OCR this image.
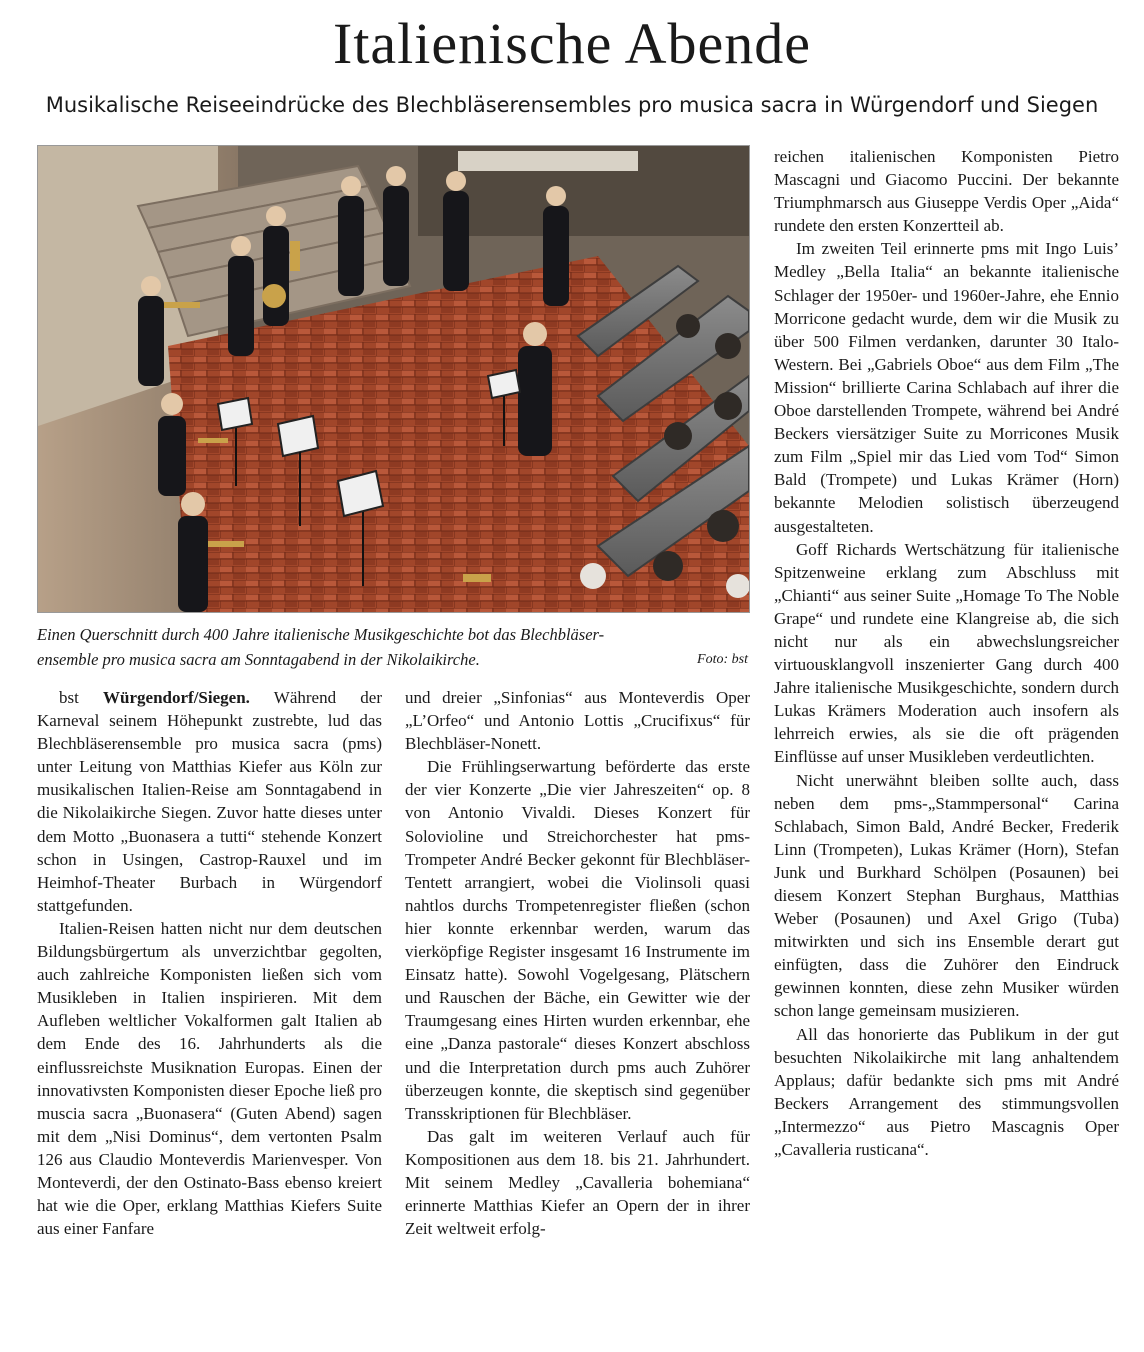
Italienische Abende
Musikalische Reiseeindrücke des Blechbläserensembles pro musica sacra in Würgendorf und Siegen
Einen Querschnitt durch 400 Jahre italienische Musikgeschichte bot das Blechbläser-
ensemble pro musica sacra am Sonntagabend in der Nikolaikirche.	Foto: bst

bst Würgendorf/Siegen. Während der Karneval seinem Höhepunkt zustrebte, lud das Blechbläserensemble pro musica sacra (pms) unter Leitung von Matthias Kiefer aus Köln zur musikalischen Italien-Reise am Sonntagabend in die Nikolaikirche Siegen. Zuvor hatte dieses unter dem Motto „Buonasera a tutti“ stehende Konzert schon in Usingen, Castrop-Rauxel und im Heimhof-Theater Burbach in Würgendorf stattgefunden.

Italien-Reisen hatten nicht nur dem deutschen Bildungsbürgertum als unverzichtbar gegolten, auch zahlreiche Komponisten ließen sich vom Musikleben in Italien inspirieren. Mit dem Aufleben weltlicher Vokalformen galt Italien ab dem Ende des 16. Jahrhunderts als die einflussreichste Musiknation Europas. Einen der innovativsten Komponisten dieser Epoche ließ pro muscia sacra „Buonasera“ (Guten Abend) sagen mit dem „Nisi Dominus“, dem vertonten Psalm 126 aus Claudio Monteverdis Marienvesper. Von Monteverdi, der den Ostinato-Bass ebenso kreiert hat wie die Oper, erklang Matthias Kiefers Suite aus einer Fanfare

und dreier „Sinfonias“ aus Monteverdis Oper „L’Orfeo“ und Antonio Lottis „Crucifixus“ für Blechbläser-Nonett.

Die Frühlingserwartung beförderte das erste der vier Konzerte „Die vier Jahreszeiten“ op. 8 von Antonio Vivaldi. Dieses Konzert für Solovioline und Streichorchester hat pms-Trompeter André Becker gekonnt für Blechbläser-Tentett arrangiert, wobei die Violinsoli quasi nahtlos durchs Trompetenregister fließen (schon hier konnte erkennbar werden, warum das vierköpfige Register insgesamt 16 Instrumente im Einsatz hatte). Sowohl Vogelgesang, Plätschern und Rauschen der Bäche, ein Gewitter wie der Traumgesang eines Hirten wurden erkennbar, ehe eine „Danza pastorale“ dieses Konzert abschloss und die Interpretation durch pms auch Zuhörer überzeugen konnte, die skeptisch sind gegenüber Transskriptionen für Blechbläser.

Das galt im weiteren Verlauf auch für Kompositionen aus dem 18. bis 21. Jahrhundert. Mit seinem Medley „Cavalleria bohemiana“ erinnerte Matthias Kiefer an Opern der in ihrer Zeit weltweit erfolg-

reichen italienischen Komponisten Pietro Mascagni und Giacomo Puccini. Der bekannte Triumphmarsch aus Giuseppe Verdis Oper „Aida“ rundete den ersten Konzertteil ab.

Im zweiten Teil erinnerte pms mit Ingo Luis’ Medley „Bella Italia“ an bekannte italienische Schlager der 1950er- und 1960er-Jahre, ehe Ennio Morricone gedacht wurde, dem wir die Musik zu über 500 Filmen verdanken, darunter 30 Italo-Western. Bei „Gabriels Oboe“ aus dem Film „The Mission“ brillierte Carina Schlabach auf ihrer die Oboe darstellenden Trompete, während bei André Beckers viersätziger Suite zu Morricones Musik zum Film „Spiel mir das Lied vom Tod“ Simon Bald (Trompete) und Lukas Krämer (Horn) bekannte Melodien solistisch überzeugend ausgestalteten.

Goff Richards Wertschätzung für italienische Spitzenweine erklang zum Abschluss mit „Chianti“ aus seiner Suite „Homage To The Noble Grape“ und rundete eine Klangreise ab, die sich nicht nur als ein abwechslungsreicher virtuousklangvoll inszenierter Gang durch 400 Jahre italienische Musikgeschichte, sondern durch Lukas Krämers Moderation auch insofern als lehrreich erwies, als sie die oft prägenden Einflüsse auf unser Musikleben verdeutlichten.

Nicht unerwähnt bleiben sollte auch, dass neben dem pms-„Stammpersonal“ Carina Schlabach, Simon Bald, André Becker, Frederik Linn (Trompeten), Lukas Krämer (Horn), Stefan Junk und Burkhard Schölpen (Posaunen) bei diesem Konzert Stephan Burghaus, Matthias Weber (Posaunen) und Axel Grigo (Tuba) mitwirkten und sich ins Ensemble derart gut einfügten, dass die Zuhörer den Eindruck gewinnen konnten, diese zehn Musiker würden schon lange gemeinsam musizieren.

All das honorierte das Publikum in der gut besuchten Nikolaikirche mit lang anhaltendem Applaus; dafür bedankte sich pms mit André Beckers Arrangement des stimmungsvollen „Intermezzo“ aus Pietro Mascagnis Oper „Cavalleria rusticana“.
